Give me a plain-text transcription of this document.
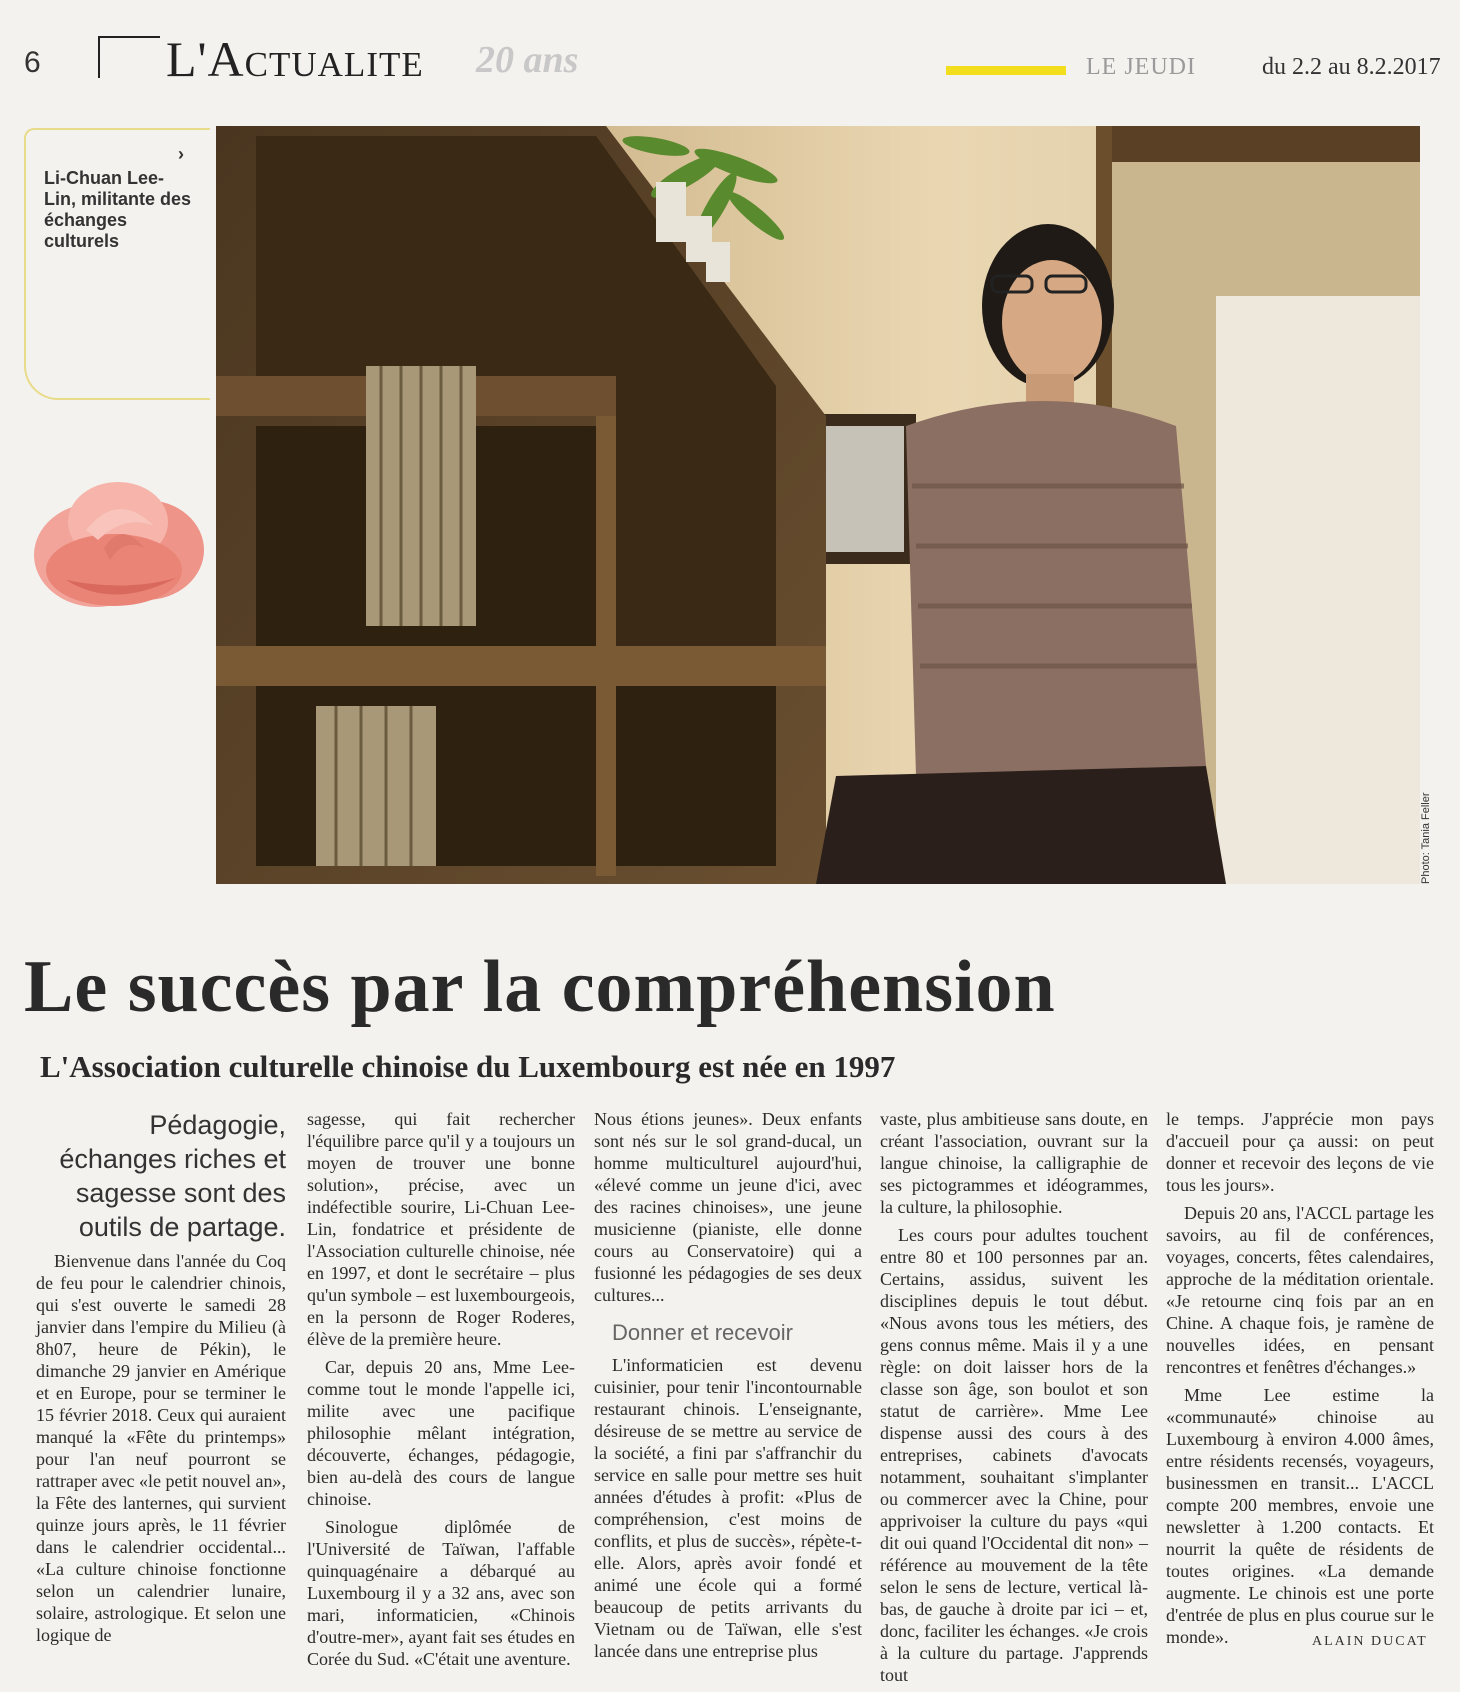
6	L'Actualite 20 ans	LE JEUDI	du 2.2 au 8.2.2017
›
Li-Chuan Lee-Lin, militante des échanges culturels
Photo: Tania Feller
Le succès par la compréhension
L'Association culturelle chinoise du Luxembourg est née en 1997

Pédagogie, échanges riches et sagesse sont des outils de partage.

Bienvenue dans l'année du Coq de feu pour le calendrier chinois, qui s'est ouverte le samedi 28 janvier dans l'empire du Milieu (à 8h07, heure de Pékin), le dimanche 29 janvier en Amérique et en Europe, pour se terminer le 15 février 2018. Ceux qui auraient manqué la «Fête du printemps» pour l'an neuf pourront se rattraper avec «le petit nouvel an», la Fête des lanternes, qui survient quinze jours après, le 11 février dans le calendrier occidental... «La culture chinoise fonctionne selon un calendrier lunaire, solaire, astrologique. Et selon une logique de

sagesse, qui fait rechercher l'équilibre parce qu'il y a toujours un moyen de trouver une bonne solution», précise, avec un indéfectible sourire, Li-Chuan Lee-Lin, fondatrice et présidente de l'Association culturelle chinoise, née en 1997, et dont le secrétaire – plus qu'un symbole – est luxembourgeois, en la personn de Roger Roderes, élève de la première heure.

Car, depuis 20 ans, Mme Lee-comme tout le monde l'appelle ici, milite avec une pacifique philosophie mêlant intégration, découverte, échanges, pédagogie, bien au-delà des cours de langue chinoise.

Sinologue diplômée de l'Université de Taïwan, l'affable quinquagénaire a débarqué au Luxembourg il y a 32 ans, avec son mari, informaticien, «Chinois d'outre-mer», ayant fait ses études en Corée du Sud. «C'était une aventure.

Nous étions jeunes». Deux enfants sont nés sur le sol grand-ducal, un homme multiculturel aujourd'hui, «élevé comme un jeune d'ici, avec des racines chinoises», une jeune musicienne (pianiste, elle donne cours au Conservatoire) qui a fusionné les pédagogies de ses deux cultures...

Donner et recevoir

L'informaticien est devenu cuisinier, pour tenir l'incontournable restaurant chinois. L'enseignante, désireuse de se mettre au service de la société, a fini par s'affranchir du service en salle pour mettre ses huit années d'études à profit: «Plus de compréhension, c'est moins de conflits, et plus de succès», répète-t-elle. Alors, après avoir fondé et animé une école qui a formé beaucoup de petits arrivants du Vietnam ou de Taïwan, elle s'est lancée dans une entreprise plus

vaste, plus ambitieuse sans doute, en créant l'association, ouvrant sur la langue chinoise, la calligraphie de ses pictogrammes et idéogrammes, la culture, la philosophie.

Les cours pour adultes touchent entre 80 et 100 personnes par an. Certains, assidus, suivent les disciplines depuis le tout début. «Nous avons tous les métiers, des gens connus même. Mais il y a une règle: on doit laisser hors de la classe son âge, son boulot et son statut de carrière». Mme Lee dispense aussi des cours à des entreprises, cabinets d'avocats notamment, souhaitant s'implanter ou commercer avec la Chine, pour apprivoiser la culture du pays «qui dit oui quand l'Occidental dit non» – référence au mouvement de la tête selon le sens de lecture, vertical là-bas, de gauche à droite par ici – et, donc, faciliter les échanges. «Je crois à la culture du partage. J'apprends tout

le temps. J'apprécie mon pays d'accueil pour ça aussi: on peut donner et recevoir des leçons de vie tous les jours».

Depuis 20 ans, l'ACCL partage les savoirs, au fil de conférences, voyages, concerts, fêtes calendaires, approche de la méditation orientale. «Je retourne cinq fois par an en Chine. A chaque fois, je ramène de nouvelles idées, en pensant rencontres et fenêtres d'échanges.»

Mme Lee estime la «communauté» chinoise au Luxembourg à environ 4.000 âmes, entre résidents recensés, voyageurs, businessmen en transit... L'ACCL compte 200 membres, envoie une newsletter à 1.200 contacts. Et nourrit la quête de résidents de toutes origines. «La demande augmente. Le chinois est une porte d'entrée de plus en plus courue sur le monde».	ALAIN DUCAT
